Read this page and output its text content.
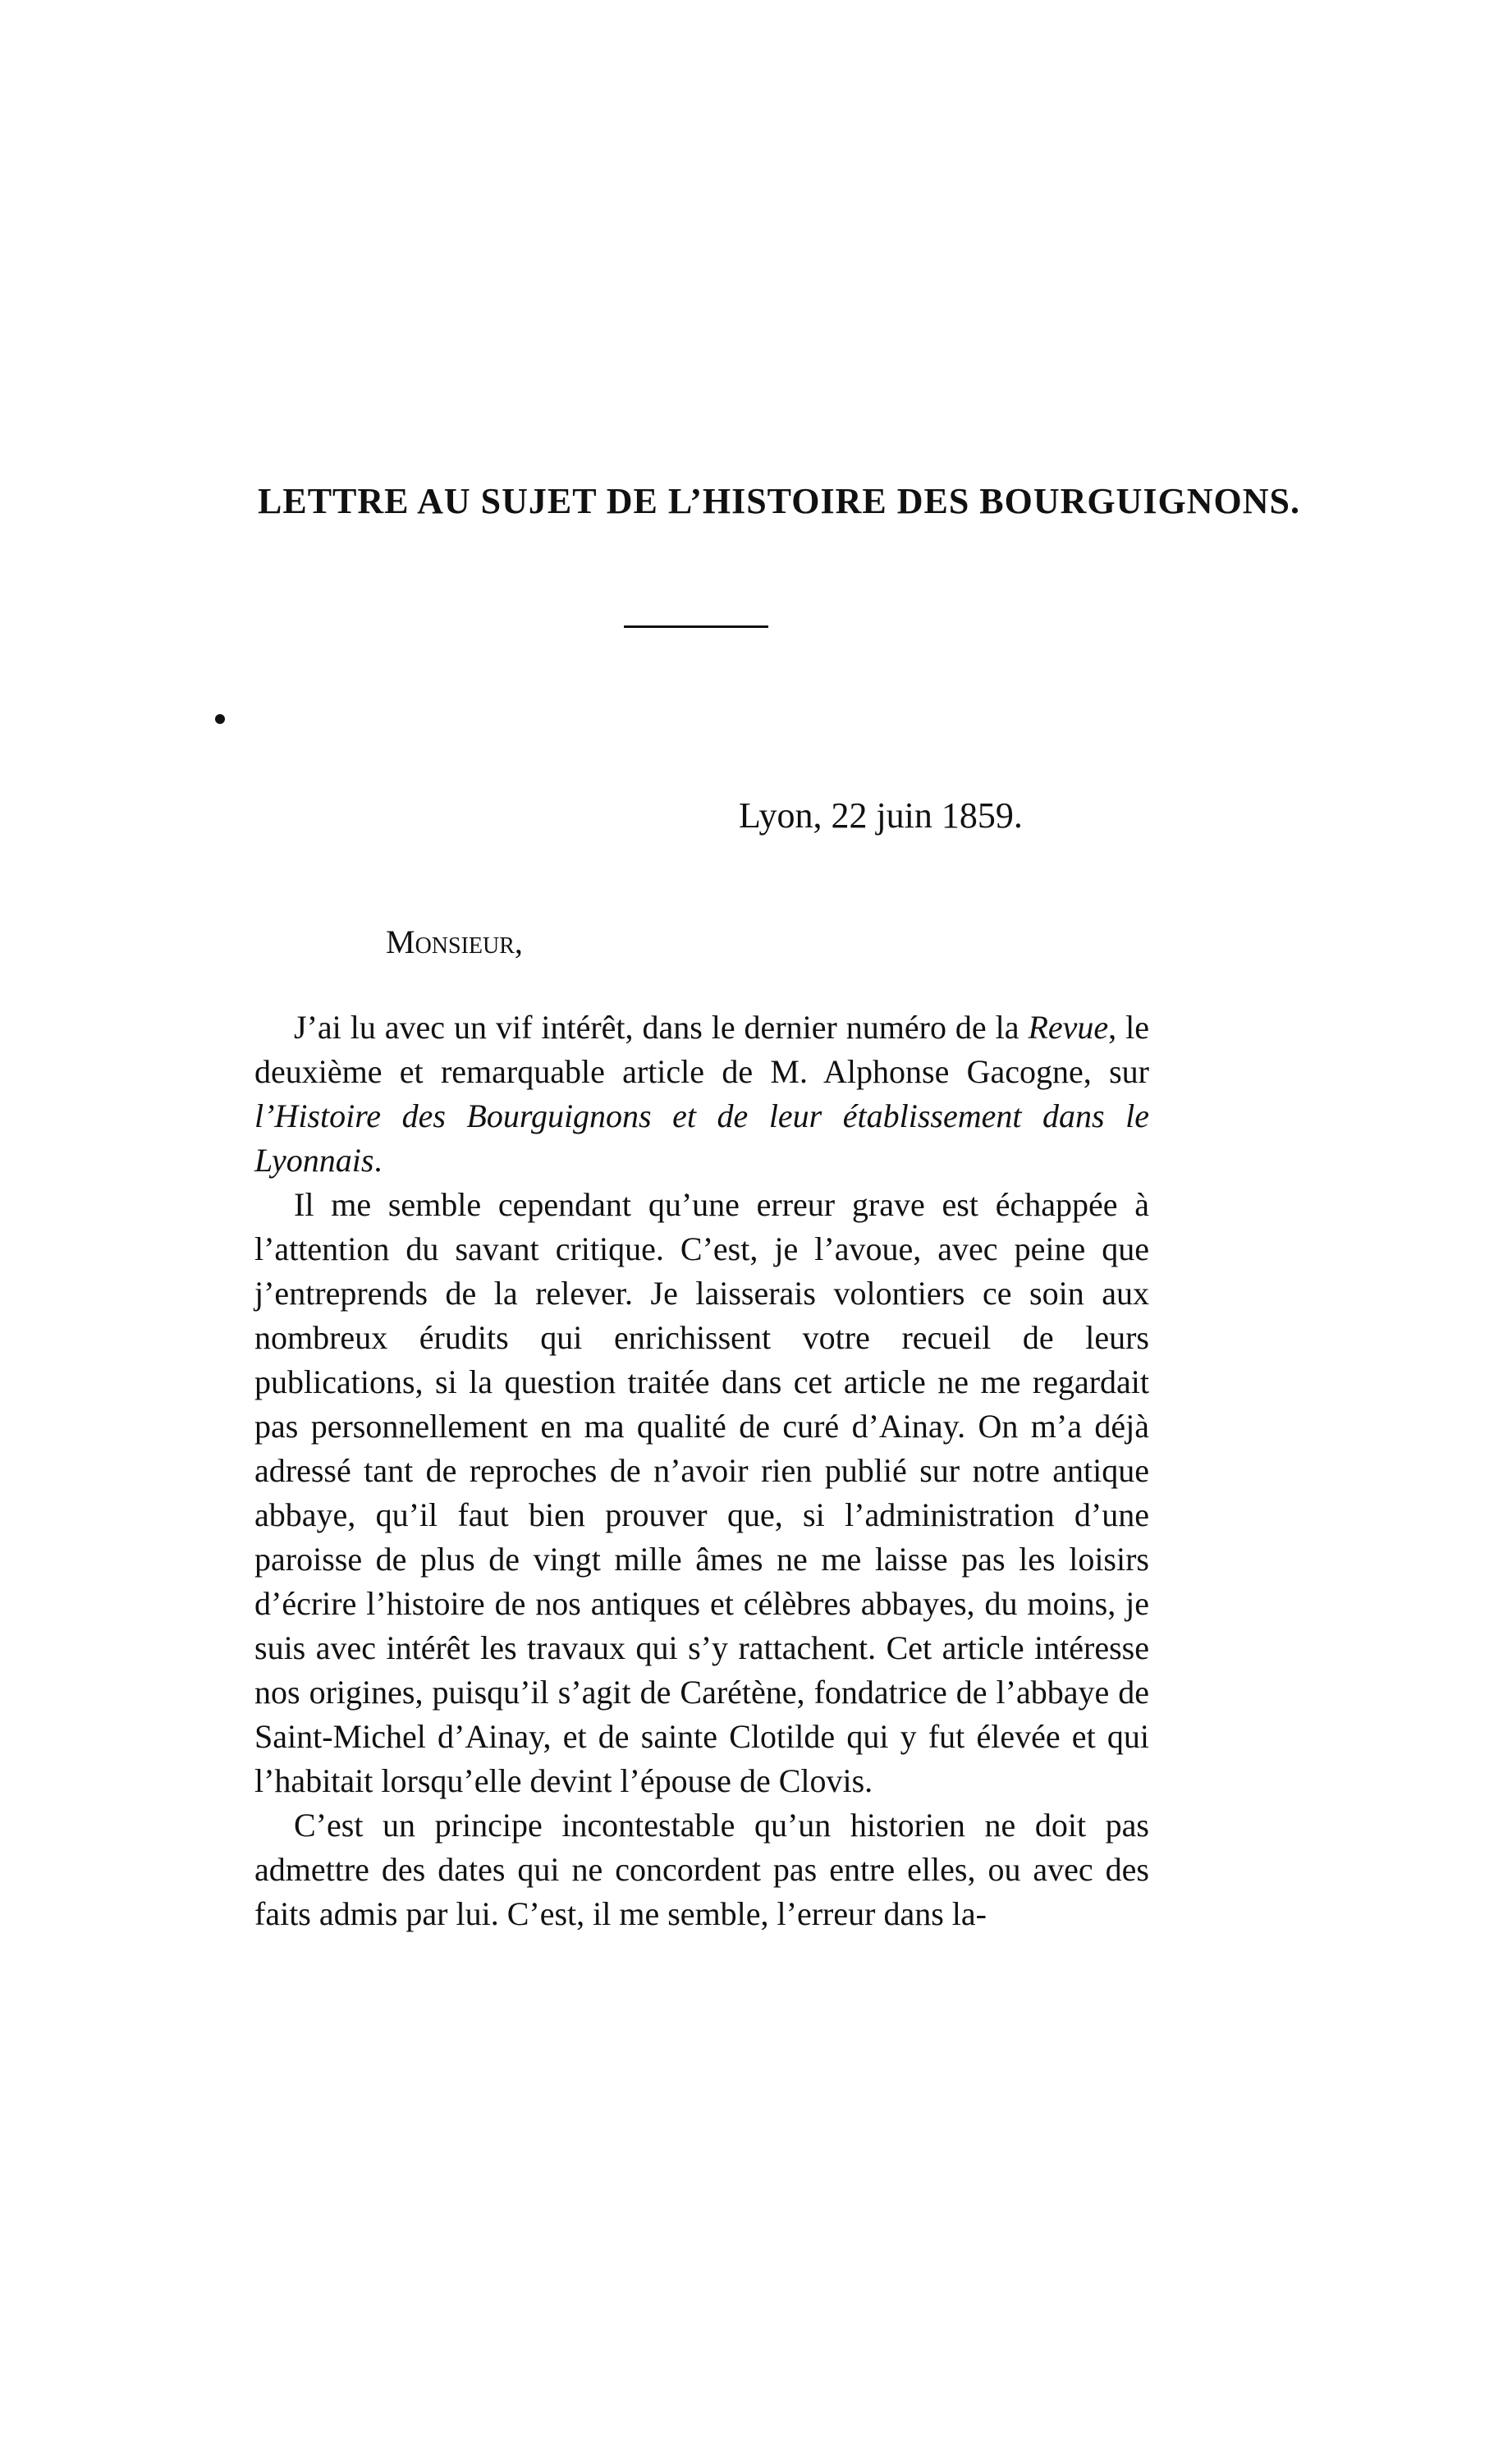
LETTRE AU SUJET DE L’HISTOIRE DES BOURGUIGNONS.
Lyon, 22 juin 1859.
Monsieur,

J’ai lu avec un vif intérêt, dans le dernier numéro de la Revue, le deuxième et remarquable article de M. Alphonse Gacogne, sur l’Histoire des Bourguignons et de leur établissement dans le Lyonnais.

Il me semble cependant qu’une erreur grave est échappée à l’attention du savant critique. C’est, je l’avoue, avec peine que j’entreprends de la relever. Je laisserais volontiers ce soin aux nombreux érudits qui enrichissent votre recueil de leurs publications, si la question traitée dans cet article ne me regardait pas personnellement en ma qualité de curé d’Ainay. On m’a déjà adressé tant de reproches de n’avoir rien publié sur notre antique abbaye, qu’il faut bien prouver que, si l’administration d’une paroisse de plus de vingt mille âmes ne me laisse pas les loisirs d’écrire l’histoire de nos antiques et célèbres abbayes, du moins, je suis avec intérêt les travaux qui s’y rattachent. Cet article intéresse nos origines, puisqu’il s’agit de Carétène, fondatrice de l’abbaye de Saint-Michel d’Ainay, et de sainte Clotilde qui y fut élevée et qui l’habitait lorsqu’elle devint l’épouse de Clovis.

C’est un principe incontestable qu’un historien ne doit pas admettre des dates qui ne concordent pas entre elles, ou avec des faits admis par lui. C’est, il me semble, l’erreur dans la-
